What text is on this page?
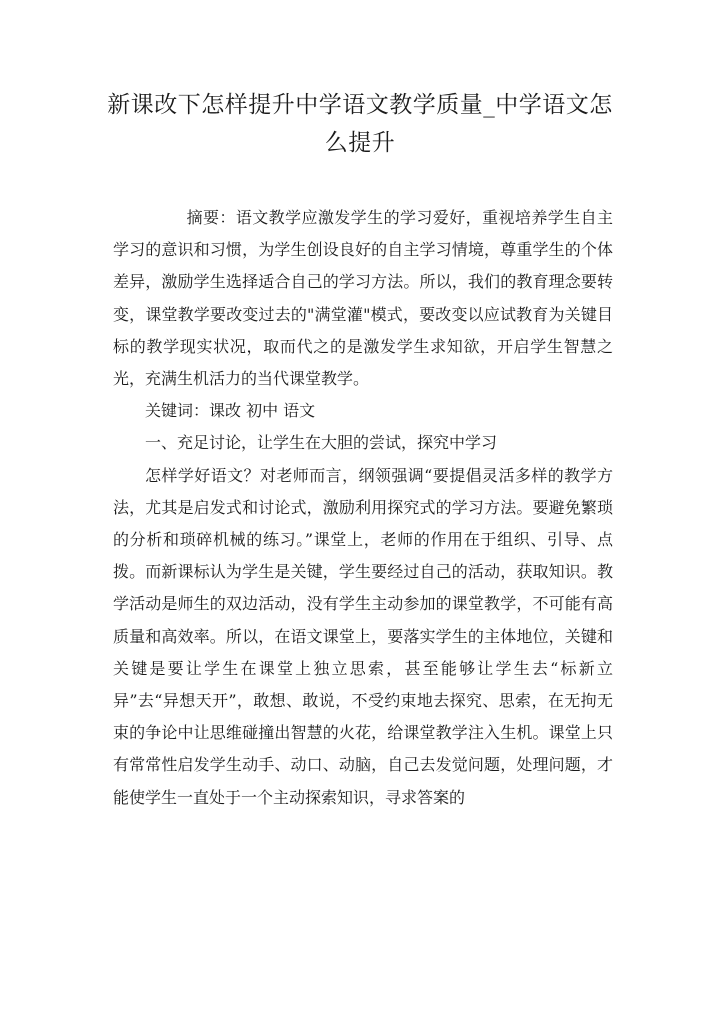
新课改下怎样提升中学语文教学质量_中学语文怎么提升

摘要：语文教学应激发学生的学习爱好，重视培养学生自主学习的意识和习惯，为学生创设良好的自主学习情境，尊重学生的个体差异，激励学生选择适合自己的学习方法。所以，我们的教育理念要转变，课堂教学要改变过去的"满堂灌"模式，要改变以应试教育为关键目标的教学现实状况，取而代之的是激发学生求知欲，开启学生智慧之光，充满生机活力的当代课堂教学。

关键词：课改 初中 语文

一、充足讨论，让学生在大胆的尝试，探究中学习

怎样学好语文？对老师而言，纲领强调“要提倡灵活多样的教学方法，尤其是启发式和讨论式，激励利用探究式的学习方法。要避免繁琐的分析和琐碎机械的练习。”课堂上，老师的作用在于组织、引导、点拨。而新课标认为学生是关键，学生要经过自己的活动，获取知识。教学活动是师生的双边活动，没有学生主动参加的课堂教学，不可能有高质量和高效率。所以，在语文课堂上，要落实学生的主体地位，关键和关键是要让学生在课堂上独立思索，甚至能够让学生去“标新立异”去“异想天开”，敢想、敢说，不受约束地去探究、思索，在无拘无束的争论中让思维碰撞出智慧的火花，给课堂教学注入生机。课堂上只有常常性启发学生动手、动口、动脑，自己去发觉问题，处理问题，才能使学生一直处于一个主动探索知识，寻求答案的
